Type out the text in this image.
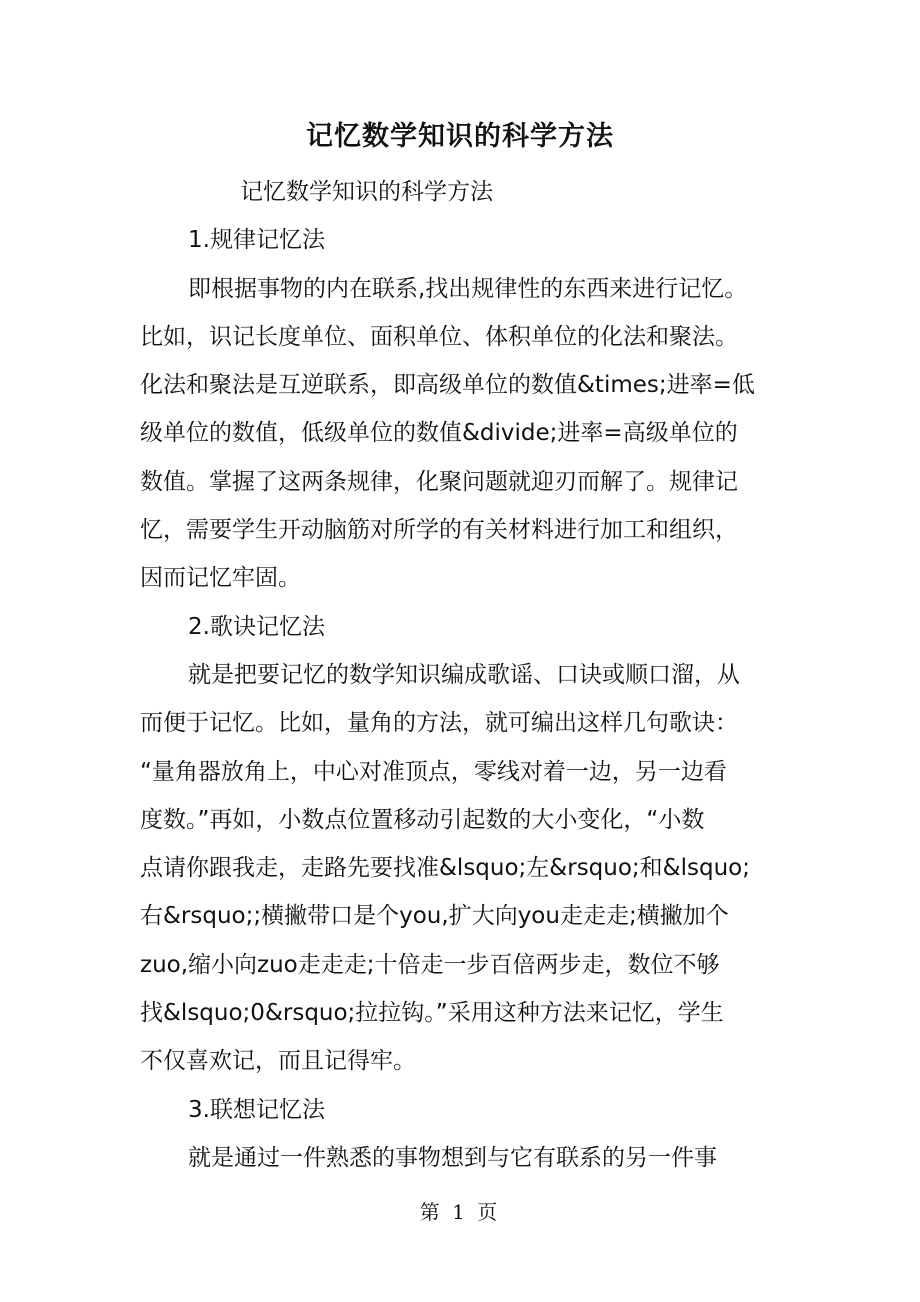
记忆数学知识的科学方法
记忆数学知识的科学方法
1.规律记忆法
即根据事物的内在联系,找出规律性的东西来进行记忆。
比如，识记长度单位、面积单位、体积单位的化法和聚法。
化法和聚法是互逆联系，即高级单位的数值&times;进率=低
级单位的数值，低级单位的数值&divide;进率=高级单位的
数值。掌握了这两条规律，化聚问题就迎刃而解了。规律记
忆，需要学生开动脑筋对所学的有关材料进行加工和组织，
因而记忆牢固。
2.歌诀记忆法
就是把要记忆的数学知识编成歌谣、口诀或顺口溜，从
而便于记忆。比如，量角的方法，就可编出这样几句歌诀：
“量角器放角上，中心对准顶点，零线对着一边，另一边看
度数。”再如，小数点位置移动引起数的大小变化，“小数
点请你跟我走，走路先要找准&lsquo;左&rsquo;和&lsquo;
右&rsquo;;横撇带口是个you,扩大向you走走走;横撇加个
zuo,缩小向zuo走走走;十倍走一步百倍两步走，数位不够
找&lsquo;0&rsquo;拉拉钩。”采用这种方法来记忆，学生
不仅喜欢记，而且记得牢。
3.联想记忆法
就是通过一件熟悉的事物想到与它有联系的另一件事
第 1 页
